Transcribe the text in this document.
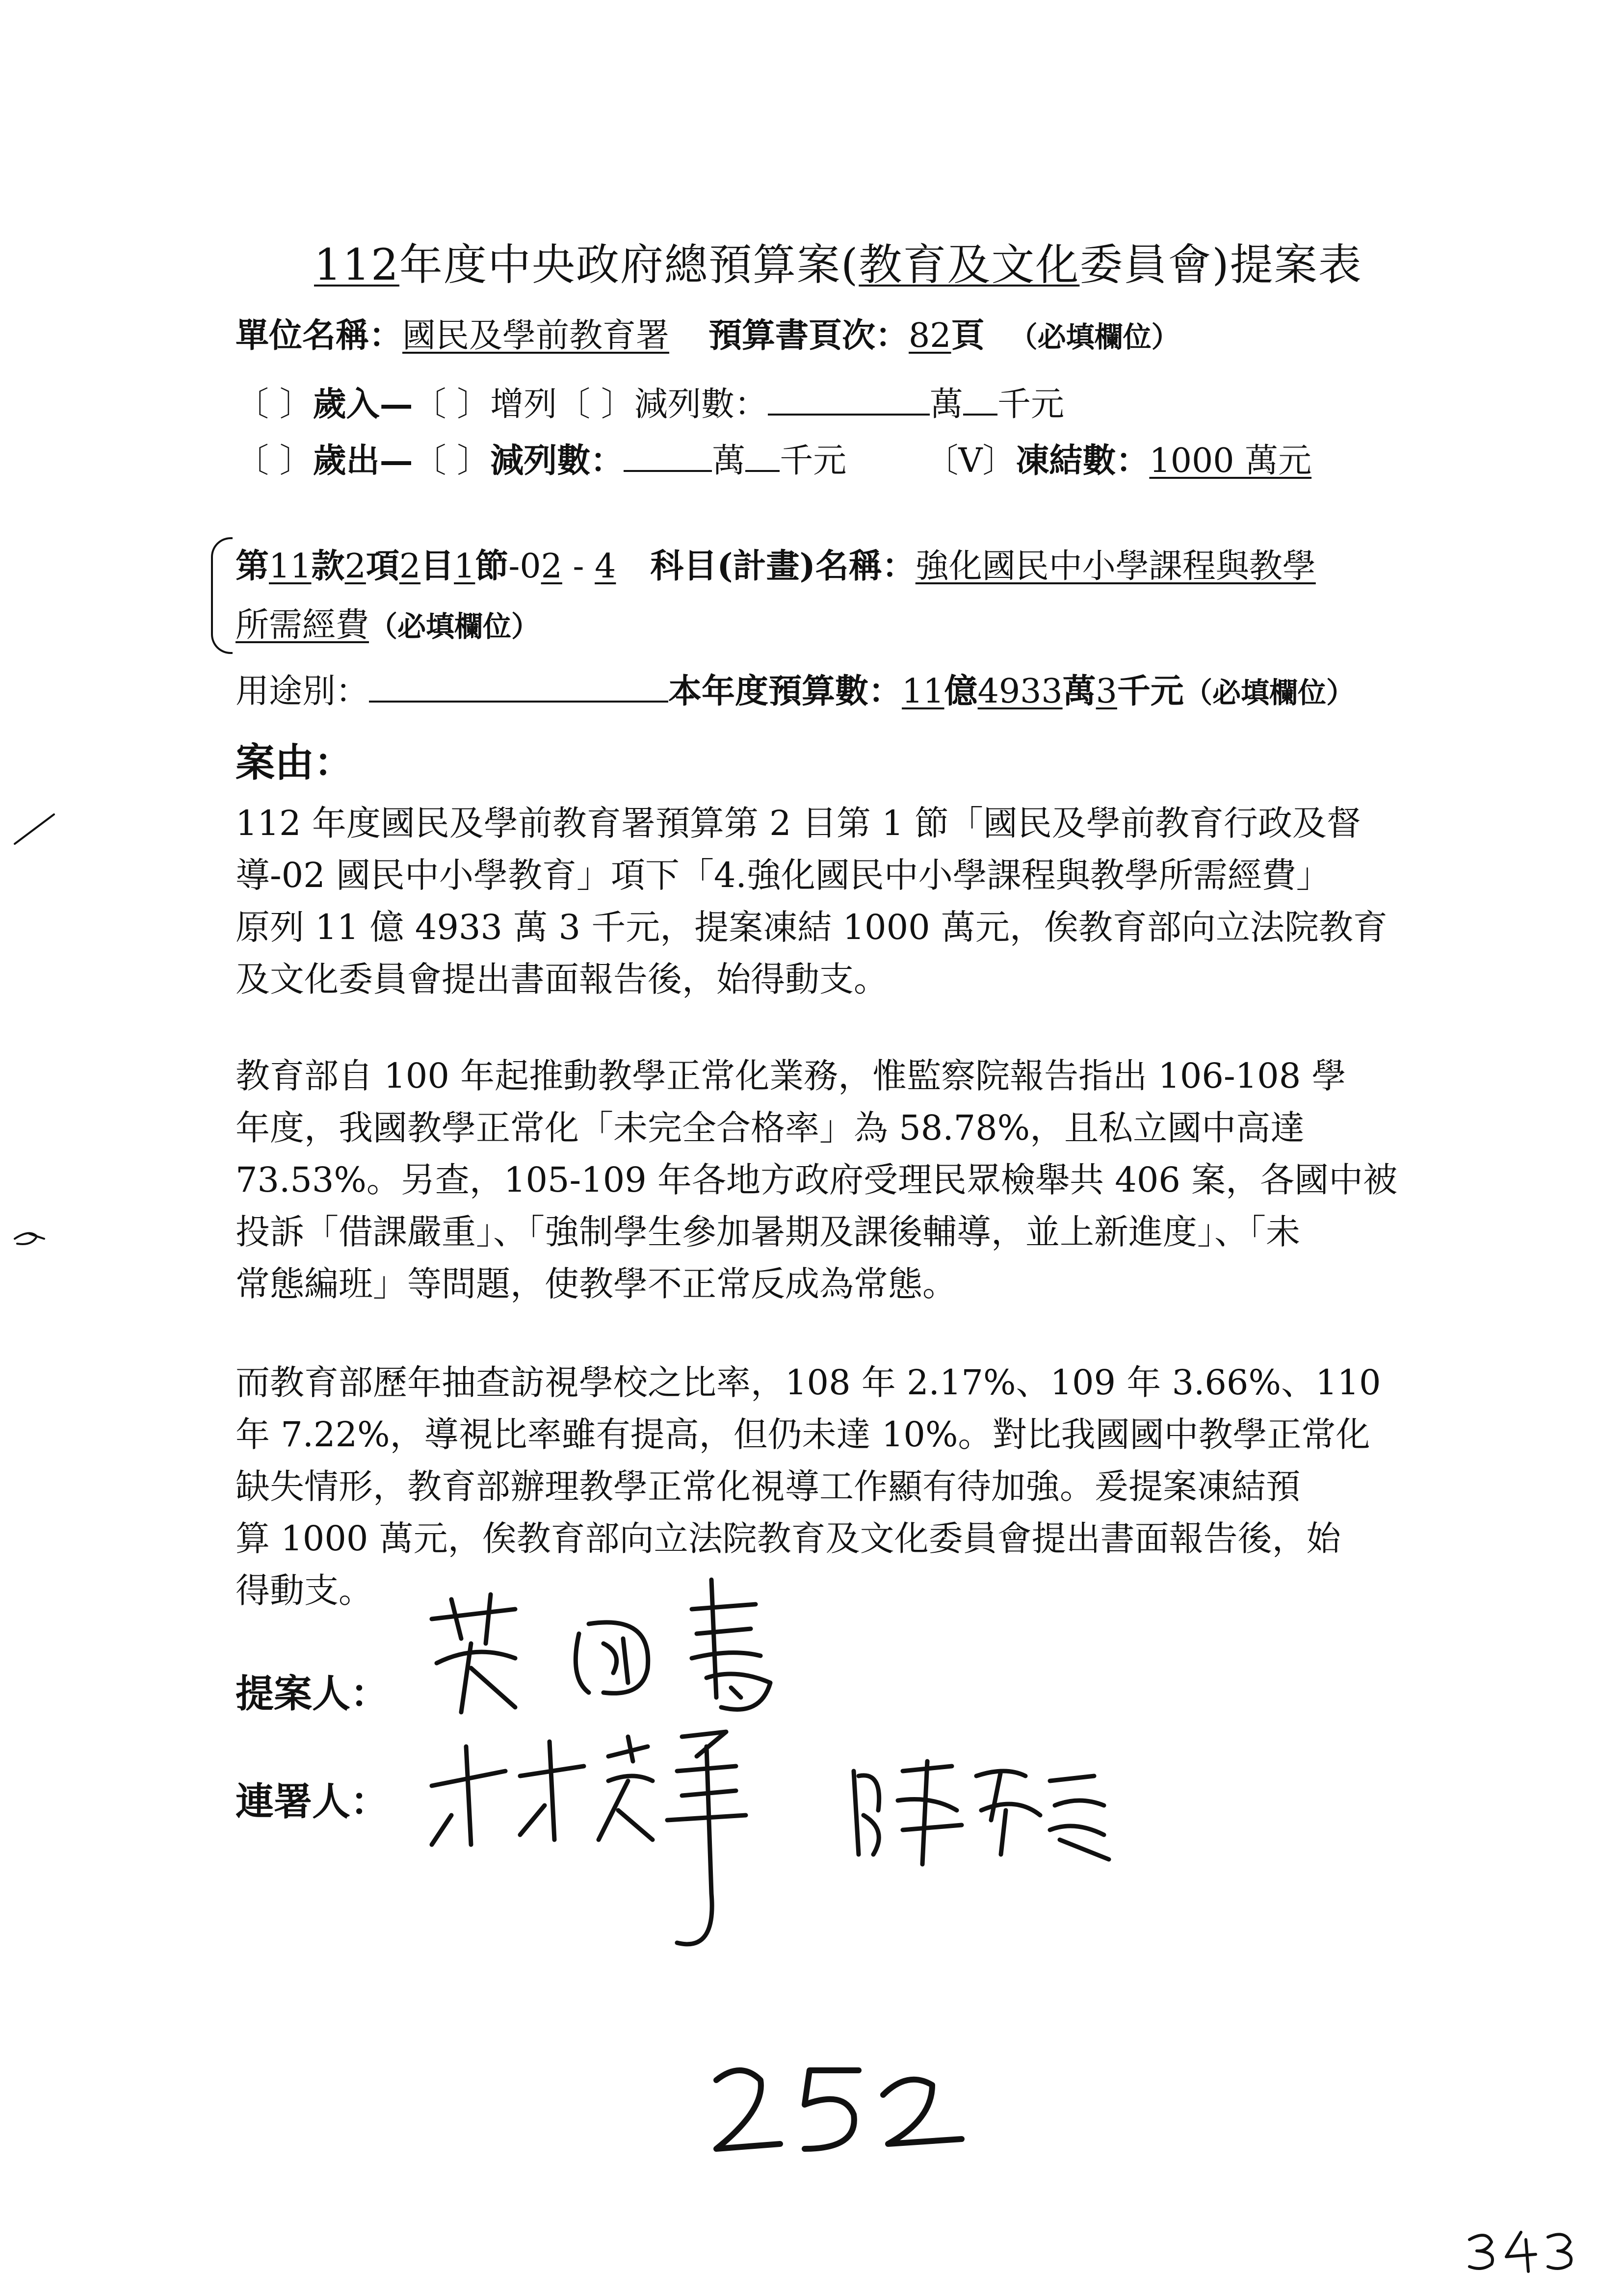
112年度中央政府總預算案(教育及文化委員會)提案表
單位名稱：國民及學前教育署 預算書頁次：82頁 （必填欄位）
〔 〕歲入—〔 〕增列〔 〕減列數：	萬 千元
〔 〕歲出—〔 〕減列數：	萬 千元 〔V〕凍結數：1000 萬元
第11款2項2目1節-02 - 4 科目(計畫)名稱：強化國民中小學課程與教學
所需經費（必填欄位）
用途別：	本年度預算數：11億4933萬3千元（必填欄位）
案由：
112 年度國民及學前教育署預算第 2 目第 1 節「國民及學前教育行政及督
導-02 國民中小學教育」項下「4.強化國民中小學課程與教學所需經費」
原列 11 億 4933 萬 3 千元，提案凍結 1000 萬元，俟教育部向立法院教育
及文化委員會提出書面報告後，始得動支。
教育部自 100 年起推動教學正常化業務，惟監察院報告指出 106-108 學
年度，我國教學正常化「未完全合格率」為 58.78%，且私立國中高達
73.53%。另查，105-109 年各地方政府受理民眾檢舉共 406 案，各國中被
投訴「借課嚴重」、「強制學生參加暑期及課後輔導，並上新進度」、「未
常態編班」等問題，使教學不正常反成為常態。
而教育部歷年抽查訪視學校之比率，108 年 2.17%、109 年 3.66%、110
年 7.22%，導視比率雖有提高，但仍未達 10%。對比我國國中教學正常化
缺失情形，教育部辦理教學正常化視導工作顯有待加強。爰提案凍結預
算 1000 萬元，俟教育部向立法院教育及文化委員會提出書面報告後，始
得動支。
提案人：
連署人：
